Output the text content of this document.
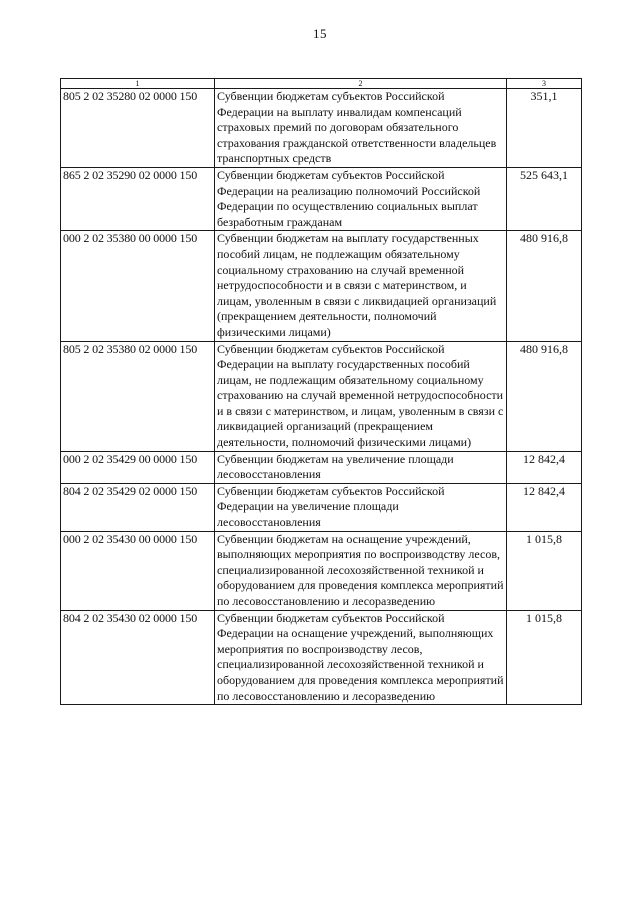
15
1	2	3
805 2 02 35280 02 0000 150	Субвенции бюджетам субъектов Российской Федерации на выплату инвалидам компенсаций страховых премий по договорам обязательного страхования гражданской ответственности владельцев транспортных средств	351,1
865 2 02 35290 02 0000 150	Субвенции бюджетам субъектов Российской Федерации на реализацию полномочий Российской Федерации по осуществлению социальных выплат безработным гражданам	525 643,1
000 2 02 35380 00 0000 150	Субвенции бюджетам на выплату государственных пособий лицам, не подлежащим обязательному социальному страхованию на случай временной нетрудоспособности и в связи с материнством, и лицам, уволенным в связи с ликвидацией организаций (прекращением деятельности, полномочий физическими лицами)	480 916,8
805 2 02 35380 02 0000 150	Субвенции бюджетам субъектов Российской Федерации на выплату государственных пособий лицам, не подлежащим обязательному социальному страхованию на случай временной нетрудоспособности и в связи с материнством, и лицам, уволенным в связи с ликвидацией организаций (прекращением деятельности, полномочий физическими лицами)	480 916,8
000 2 02 35429 00 0000 150	Субвенции бюджетам на увеличение площади лесовосстановления	12 842,4
804 2 02 35429 02 0000 150	Субвенции бюджетам субъектов Российской Федерации на увеличение площади лесовосстановления	12 842,4
000 2 02 35430 00 0000 150	Субвенции бюджетам на оснащение учреждений, выполняющих мероприятия по воспроизводству лесов, специализированной лесохозяйственной техникой и оборудованием для проведения комплекса мероприятий по лесовосстановлению и лесоразведению	1 015,8
804 2 02 35430 02 0000 150	Субвенции бюджетам субъектов Российской Федерации на оснащение учреждений, выполняющих мероприятия по воспроизводству лесов, специализированной лесохозяйственной техникой и оборудованием для проведения комплекса мероприятий по лесовосстановлению и лесоразведению	1 015,8
